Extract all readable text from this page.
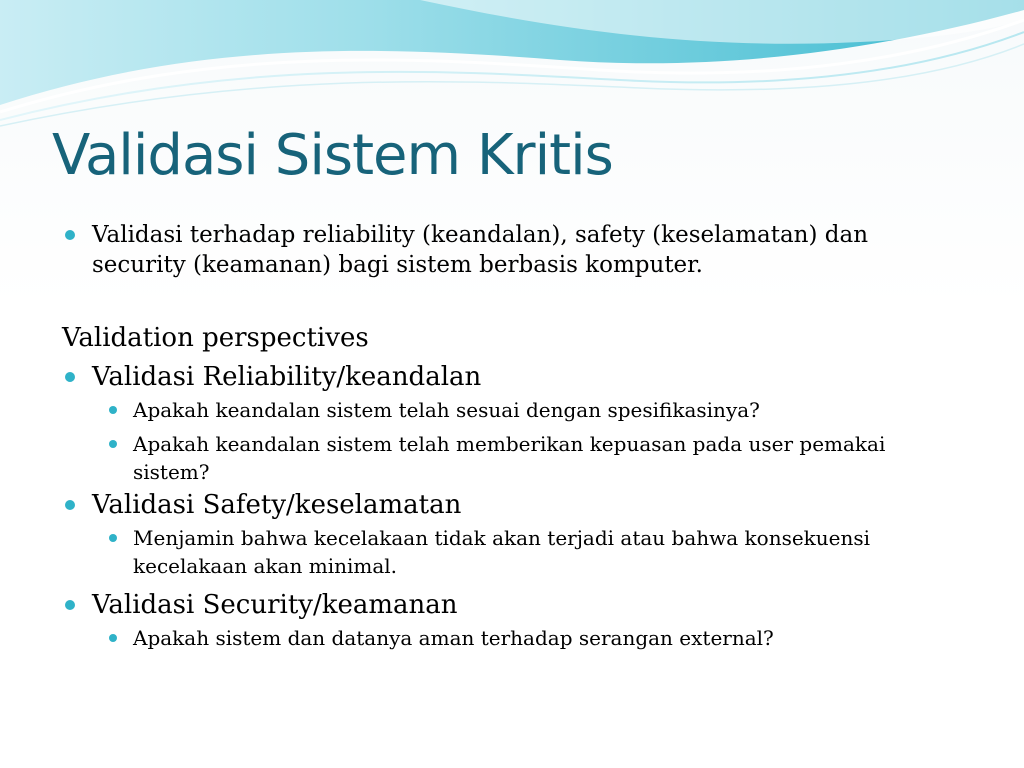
Validasi Sistem Kritis
Validasi terhadap reliability (keandalan), safety (keselamatan) dan security (keamanan) bagi sistem berbasis komputer.
Validation perspectives
Validasi Reliability/keandalan
Apakah keandalan sistem telah sesuai dengan spesifikasinya?
Apakah keandalan sistem telah memberikan kepuasan pada user pemakai sistem?
Validasi Safety/keselamatan
Menjamin bahwa kecelakaan tidak akan terjadi atau bahwa konsekuensi kecelakaan akan minimal.
Validasi Security/keamanan
Apakah sistem dan datanya aman terhadap serangan external?
